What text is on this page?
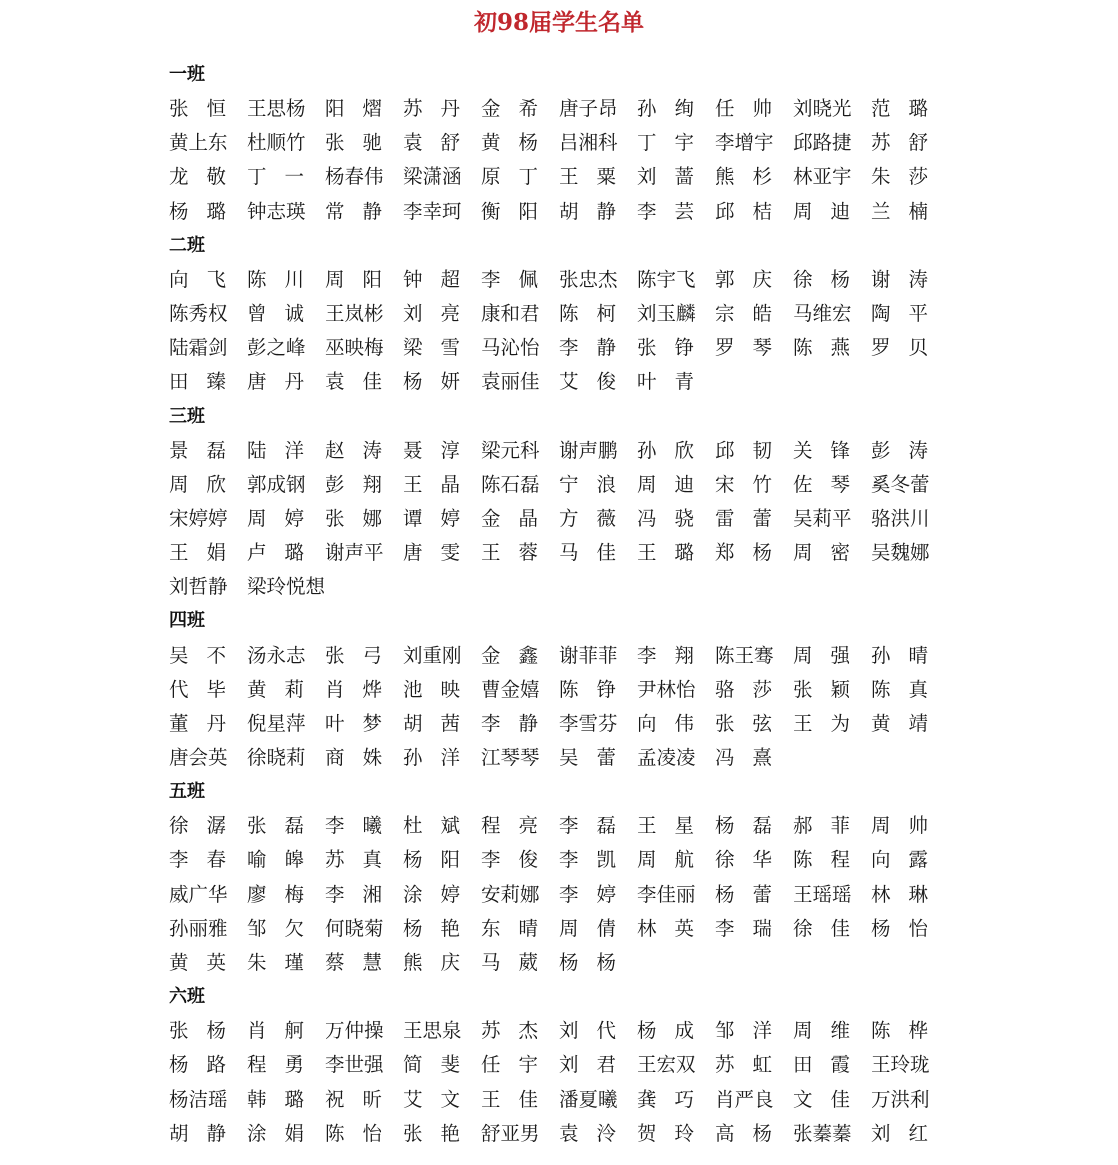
初98届学生名单
一班
张恒 王思杨 阳熠 苏丹 金希 唐子昂 孙绚 任帅 刘晓光 范璐
黄上东 杜顺竹 张驰 袁舒 黄杨 吕湘科 丁宇 李增宇 邱路捷 苏舒
龙敬 丁一 杨春伟 梁潇涵 原丁 王粟 刘蔷 熊杉 林亚宇 朱莎
杨璐 钟志瑛 常静 李幸珂 衡阳 胡静 李芸 邱桔 周迪 兰楠
二班
向飞 陈川 周阳 钟超 李佩 张忠杰 陈宇飞 郭庆 徐杨 谢涛
陈秀权 曾诚 王岚彬 刘亮 康和君 陈柯 刘玉麟 宗皓 马维宏 陶平
陆霜剑 彭之峰 巫映梅 梁雪 马沁怡 李静 张铮 罗琴 陈燕 罗贝
田臻 唐丹 袁佳 杨妍 袁丽佳 艾俊 叶青
三班
景磊 陆洋 赵涛 聂淳 梁元科 谢声鹏 孙欣 邱韧 关锋 彭涛
周欣 郭成钢 彭翔 王晶 陈石磊 宁浪 周迪 宋竹 佐琴 奚冬蕾
宋婷婷 周婷 张娜 谭婷 金晶 方薇 冯骁 雷蕾 吴莉平 骆洪川
王娟 卢璐 谢声平 唐雯 王蓉 马佳 王璐 郑杨 周密 吴魏娜
刘哲静 梁玲悦想
四班
吴不 汤永志 张弓 刘重刚 金鑫 谢菲菲 李翔 陈王骞 周强 孙晴
代毕 黄莉 肖烨 池映 曹金嬉 陈铮 尹林怡 骆莎 张颖 陈真
董丹 倪星萍 叶梦 胡茜 李静 李雪芬 向伟 张弦 王为 黄靖
唐会英 徐晓莉 商姝 孙洋 江琴琴 吴蕾 孟凌凌 冯熹
五班
徐潺 张磊 李曦 杜斌 程亮 李磊 王星 杨磊 郝菲 周帅
李春 喻皞 苏真 杨阳 李俊 李凯 周航 徐华 陈程 向露
威广华 廖梅 李湘 涂婷 安莉娜 李婷 李佳丽 杨蕾 王瑶瑶 林琳
孙丽雅 邹欠 何晓菊 杨艳 东晴 周倩 林英 李瑞 徐佳 杨怡
黄英 朱瑾 蔡慧 熊庆 马葳 杨杨
六班
张杨 肖舸 万仲操 王思泉 苏杰 刘代 杨成 邹洋 周维 陈桦
杨路 程勇 李世强 简斐 任宇 刘君 王宏双 苏虹 田霞 王玲珑
杨洁瑶 韩璐 祝昕 艾文 王佳 潘夏曦 龚巧 肖严良 文佳 万洪利
胡静 涂娟 陈怡 张艳 舒亚男 袁泠 贺玲 高杨 张蓁蓁 刘红
